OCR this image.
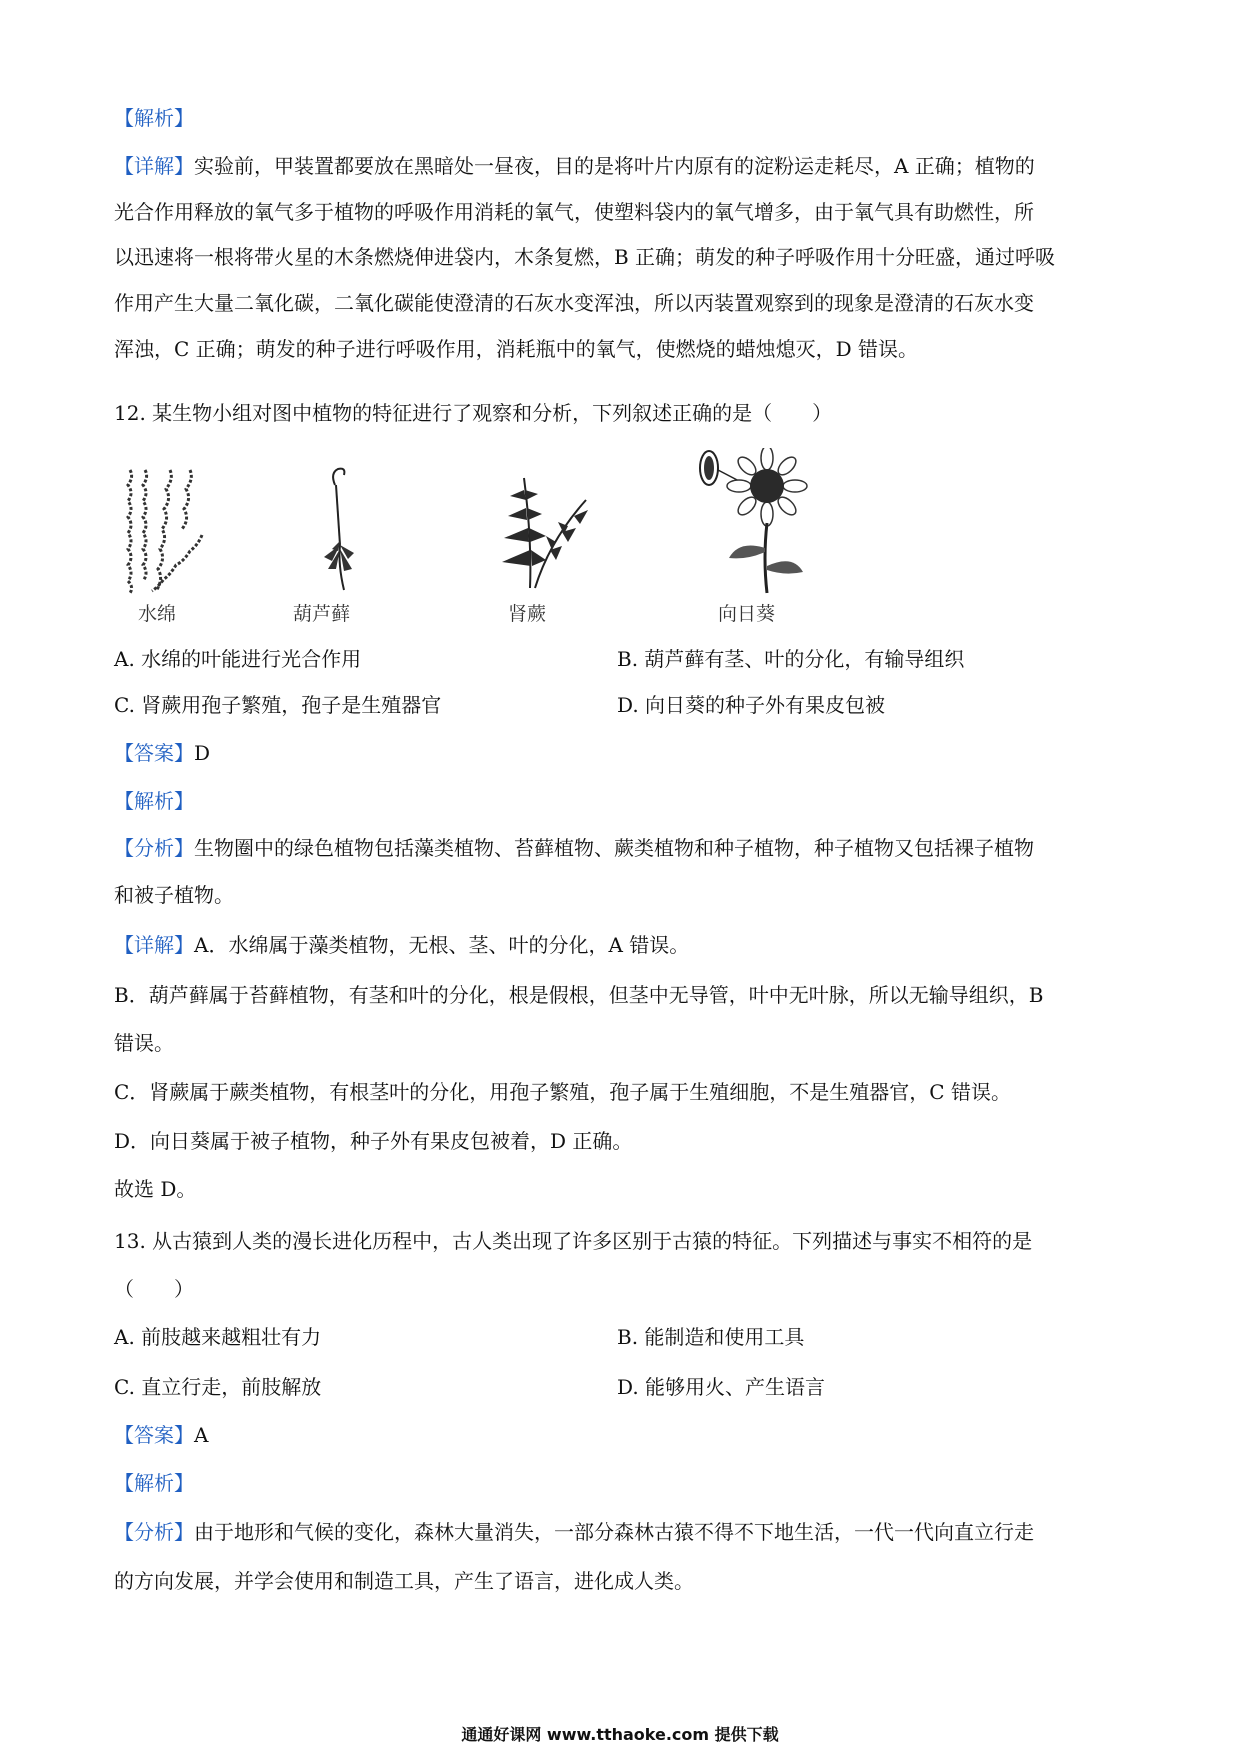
【解析】
【详解】实验前，甲装置都要放在黑暗处一昼夜，目的是将叶片内原有的淀粉运走耗尽，A 正确；植物的
光合作用释放的氧气多于植物的呼吸作用消耗的氧气，使塑料袋内的氧气增多，由于氧气具有助燃性，所
以迅速将一根将带火星的木条燃烧伸进袋内，木条复燃，B 正确；萌发的种子呼吸作用十分旺盛，通过呼吸
作用产生大量二氧化碳，二氧化碳能使澄清的石灰水变浑浊，所以丙装置观察到的现象是澄清的石灰水变
浑浊，C 正确；萌发的种子进行呼吸作用，消耗瓶中的氧气，使燃烧的蜡烛熄灭，D 错误。
12. 某生物小组对图中植物的特征进行了观察和分析，下列叙述正确的是（　　）
水绵	葫芦藓	肾蕨	向日葵
A. 水绵的叶能进行光合作用	B. 葫芦藓有茎、叶的分化，有输导组织
C. 肾蕨用孢子繁殖，孢子是生殖器官	D. 向日葵的种子外有果皮包被
【答案】D
【解析】
【分析】生物圈中的绿色植物包括藻类植物、苔藓植物、蕨类植物和种子植物，种子植物又包括裸子植物
和被子植物。
【详解】A．水绵属于藻类植物，无根、茎、叶的分化，A 错误。
B．葫芦藓属于苔藓植物，有茎和叶的分化，根是假根，但茎中无导管，叶中无叶脉，所以无输导组织，B
错误。
C．肾蕨属于蕨类植物，有根茎叶的分化，用孢子繁殖，孢子属于生殖细胞，不是生殖器官，C 错误。
D．向日葵属于被子植物，种子外有果皮包被着，D 正确。
故选 D。
13. 从古猿到人类的漫长进化历程中，古人类出现了许多区别于古猿的特征。下列描述与事实不相符的是
（　　）
A. 前肢越来越粗壮有力	B. 能制造和使用工具
C. 直立行走，前肢解放	D. 能够用火、产生语言
【答案】A
【解析】
【分析】由于地形和气候的变化，森林大量消失，一部分森林古猿不得不下地生活，一代一代向直立行走
的方向发展，并学会使用和制造工具，产生了语言，进化成人类。
通通好课网 www.tthaoke.com 提供下载
